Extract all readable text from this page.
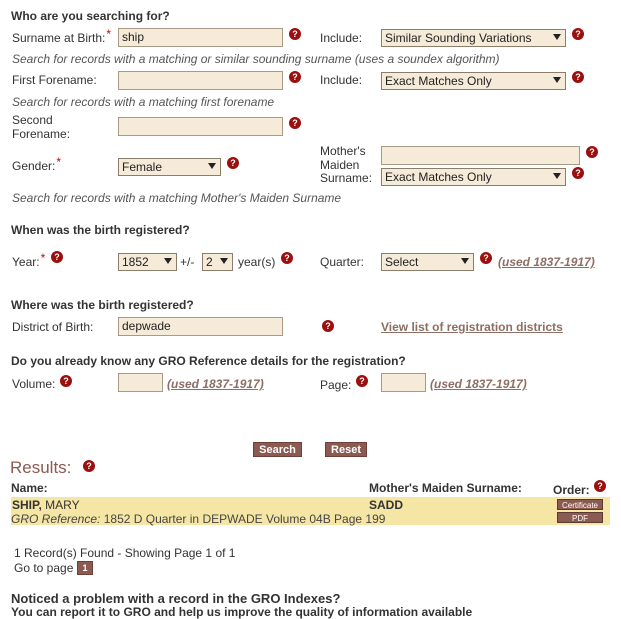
Who are you searching for?
Surname at Birth:* ship	? Include:	Similar Sounding Variations	?
Search for records with a matching or similar sounding surname (uses a soundex algorithm)
First Forename:	? Include:	Exact Matches Only	?
Search for records with a matching first forename
Second
Forename:
?
Gender:*	Female	?
Mother's
Maiden
Surname:
?
Exact Matches Only	?
Search for records with a matching Mother's Maiden Surname
When was the birth registered?
Year:* ?	1852	+/- 2	year(s) ?	Quarter:	Select	? (used 1837-1917)
Where was the birth registered?
District of Birth:	depwade	?	View list of registration districts
Do you already know any GRO Reference details for the registration?
Volume: ?	(used 1837-1917)	Page: ?	(used 1837-1917)
Search	Reset
Results:	?
Name:	Mother's Maiden Surname:	Order: ?
SHIP, MARY	SADD
GRO Reference: 1852 D Quarter in DEPWADE Volume 04B Page 199
Certificate
PDF
1 Record(s) Found - Showing Page 1 of 1
Go to page	1
Noticed a problem with a record in the GRO Indexes?
You can report it to GRO and help us improve the quality of information available
